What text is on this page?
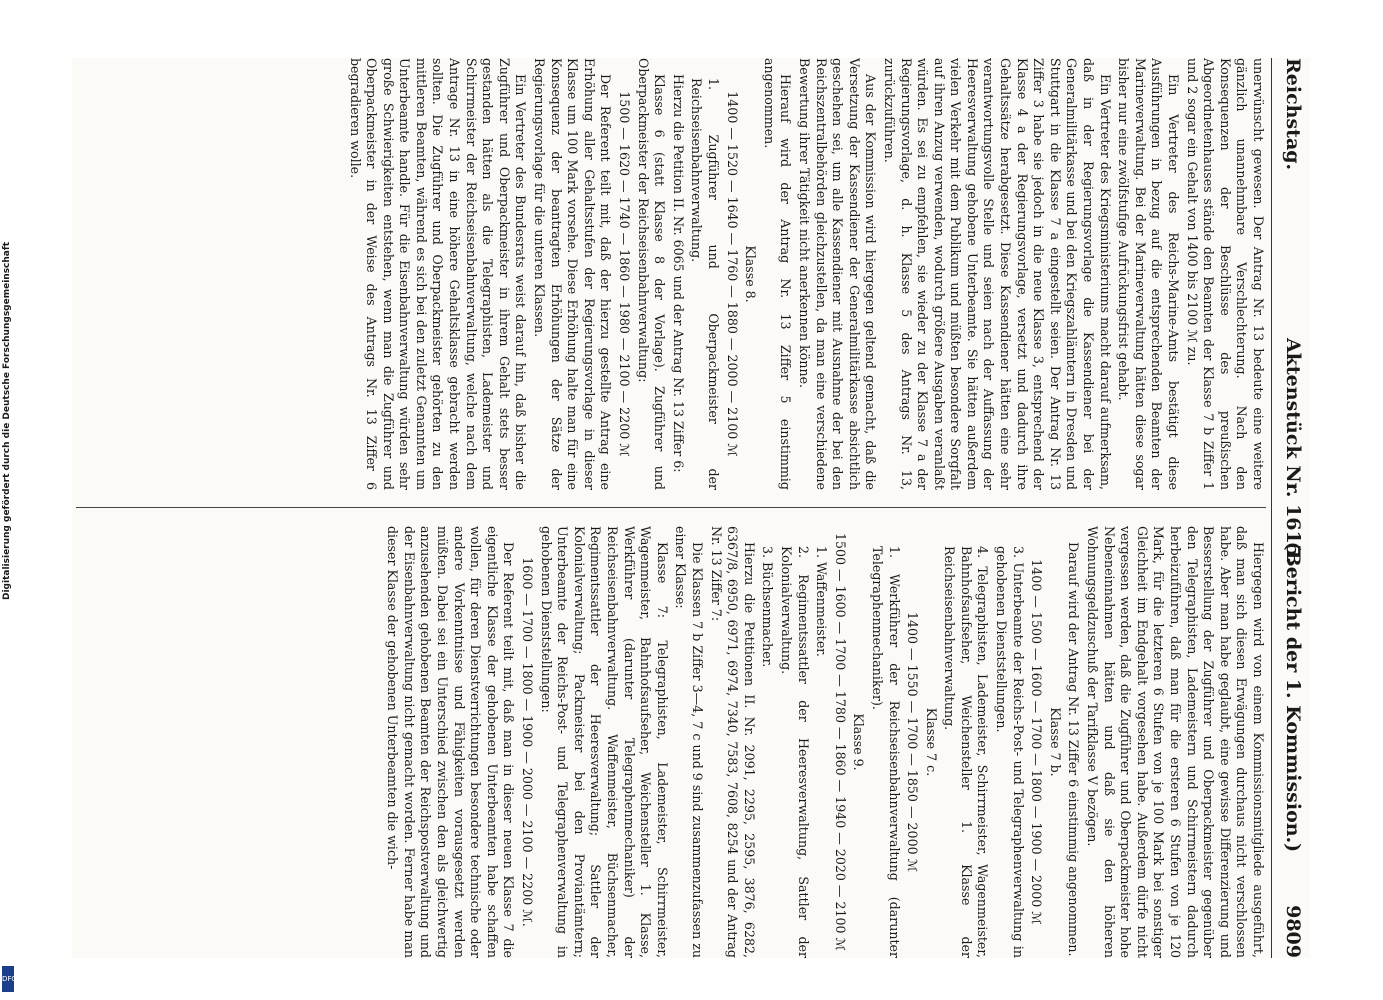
Digitalisierung gefördert durch die Deutsche Forschungsgemeinschaft
DFG
Reichstag.
Aktenstück Nr. 1615.
(Bericht der 1. Kommission.)        9809

unerwünscht gewesen. Der Antrag Nr. 13 bedeute eine weitere gänzlich unannehmbare Verschlechterung. Nach den Konsequenzen der Beschlüsse des preußischen Abgeordnetenhauses stände den Beamten der Klasse 7 b Ziffer 1 und 2 sogar ein Gehalt von 1400 bis 2100 ℳ zu.

Ein Vertreter des Reichs-Marine-Amts bestätigt diese Ausführungen in bezug auf die entsprechenden Beamten der Marineverwaltung. Bei der Marineverwaltung hätten diese sogar bisher nur eine zwölfstufige Aufrückungsfrist gehabt.

Ein Vertreter des Kriegsministeriums macht darauf aufmerksam, daß in der Regierungsvorlage die Kassendiener bei der Generalmilitärkasse und bei den Kriegszahlämtern in Dresden und Stuttgart in die Klasse 7 a eingestellt seien. Der Antrag Nr. 13 Ziffer 3 habe sie jedoch in die neue Klasse 3, entsprechend der Klasse 4 a der Regierungsvorlage, versetzt und dadurch ihre Gehaltssätze herabgesetzt. Diese Kassendiener hätten eine sehr verantwortungsvolle Stelle und seien nach der Auffassung der Heeresverwaltung gehobene Unterbeamte. Sie hätten außerdem vielen Verkehr mit dem Publikum und müßten besondere Sorgfalt auf ihren Anzug verwenden, wodurch größere Ausgaben veranlaßt würden. Es sei zu empfehlen, sie wieder zu der Klasse 7 a der Regierungsvorlage, d. h. Klasse 5 des Antrags Nr. 13, zurückzuführen.

Aus der Kommission wird hiergegen geltend gemacht, daß die Versetzung der Kassendiener der Generalmilitärkasse absichtlich geschehen sei, um alle Kassendiener mit Ausnahme der bei den Reichszentralbehörden gleichzustellen, da man eine verschiedene Bewertung ihrer Tätigkeit nicht anerkennen könne.

Hierauf wird der Antrag Nr. 13 Ziffer 5 einstimmig angenommen.

Klasse 8.

1400 — 1520 — 1640 — 1760 — 1880 — 2000 — 2100 ℳ

1. Zugführer und Oberpackmeister der Reichseisenbahnverwaltung.

Hierzu die Petition II. Nr. 6065 und der Antrag Nr. 13 Ziffer 6:

Klasse 6 (statt Klasse 8 der Vorlage). Zugführer und Oberpackmeister der Reichseisenbahnverwaltung:

1500 — 1620 — 1740 — 1860 — 1980 — 2100 — 2200 ℳ

Der Referent teilt mit, daß der hierzu gestellte Antrag eine Erhöhung aller Gehaltsstufen der Regierungsvorlage in dieser Klasse um 100 Mark vorsehe. Diese Erhöhung halte man für eine Konsequenz der beantragten Erhöhungen der Sätze der Regierungsvorlage für die unteren Klassen.

Ein Vertreter des Bundesrats weist darauf hin, daß bisher die Zugführer und Oberpackmeister in ihrem Gehalt stets besser gestanden hätten als die Telegraphisten, Lademeister und Schirrmeister der Reichseisenbahnverwaltung, welche nach dem Antrage Nr. 13 in eine höhere Gehaltsklasse gebracht werden sollten. Die Zugführer und Oberpackmeister gehörten zu den mittleren Beamten, während es sich bei den zuletzt Genannten um Unterbeamte handle. Für die Eisenbahnverwaltung würden sehr große Schwierigkeiten entstehen, wenn man die Zugführer und Oberpackmeister in der Weise des Antrags Nr. 13 Ziffer 6 begradieren wolle.

Hiergegen wird von einem Kommissionsmitgliede ausgeführt, daß man sich diesen Erwägungen durchaus nicht verschlossen habe. Aber man habe geglaubt, eine gewisse Differenzierung und Besserstellung der Zugführer und Oberpackmeister gegenüber den Telegraphisten, Lademeistern und Schirrmeistern dadurch herbeizuführen, daß man für die ersteren 6 Stufen von je 120 Mark, für die letzteren 6 Stufen von je 100 Mark bei sonstiger Gleichheit im Endgehalt vorgesehen habe. Außerdem dürfe nicht vergessen werden, daß die Zugführer und Oberpackmeister hohe Nebeneinnahmen hätten und daß sie den höheren Wohnungsgeldzuschuß der Tarifklasse V bezögen.

Darauf wird der Antrag Nr. 13 Ziffer 6 einstimmig angenommen.

Klasse 7 b.

1400 — 1500 — 1600 — 1700 — 1800 — 1900 — 2000 ℳ

3. Unterbeamte der Reichs-Post- und Telegraphenverwaltung in gehobenen Dienststellungen.

4. Telegraphisten, Lademeister, Schirrmeister, Wagenmeister, Bahnhofsaufseher, Weichensteller 1. Klasse der Reichseisenbahnverwaltung.

Klasse 7 c.

1400 — 1550 — 1700 — 1850 — 2000 ℳ

1. Werkführer der Reichseisenbahnverwaltung (darunter Telegraphenmechaniker).

Klasse 9.

1500 — 1600 — 1700 — 1780 — 1860 — 1940 — 2020 — 2100 ℳ

1. Waffenmeister.

2. Regimentssattler der Heeresverwaltung, Sattler der Kolonialverwaltung.

3. Büchsenmacher.

Hierzu die Petitionen II. Nr. 2091, 2295, 2595, 3876, 6282, 6367/8, 6950, 6971, 6974, 7340, 7583, 7608, 8254 und der Antrag Nr. 13 Ziffer 7:

Die Klassen 7 b Ziffer 3—4, 7 c und 9 sind zusammenzufassen zu einer Klasse:

Klasse 7: Telegraphisten, Lademeister, Schirrmeister, Wagenmeister, Bahnhofsaufseher, Weichensteller 1. Klasse, Werkführer (darunter Telegraphenmechaniker) der Reichseisenbahnverwaltung. Waffenmeister, Büchsenmacher, Regimentssattler der Heeresverwaltung; Sattler der Kolonialverwaltung; Packmeister bei den Proviantämtern; Unterbeamte der Reichs-Post- und Telegraphenverwaltung in gehobenen Dienststellungen:

1600 — 1700 — 1800 — 1900 — 2000 — 2100 — 2200 ℳ.

Der Referent teilt mit, daß man in dieser neuen Klasse 7 die eigentliche Klasse der gehobenen Unterbeamten habe schaffen wollen, für deren Dienstverrichtungen besondere technische oder andere Vorkenntnisse und Fähigkeiten vorausgesetzt werden müßten. Dabei sei ein Unterschied zwischen den als gleichwertig anzusehenden gehobenen Beamten der Reichspostverwaltung und der Eisenbahnverwaltung nicht gemacht worden. Ferner habe man dieser Klasse der gehobenen Unterbeamten die wich-
